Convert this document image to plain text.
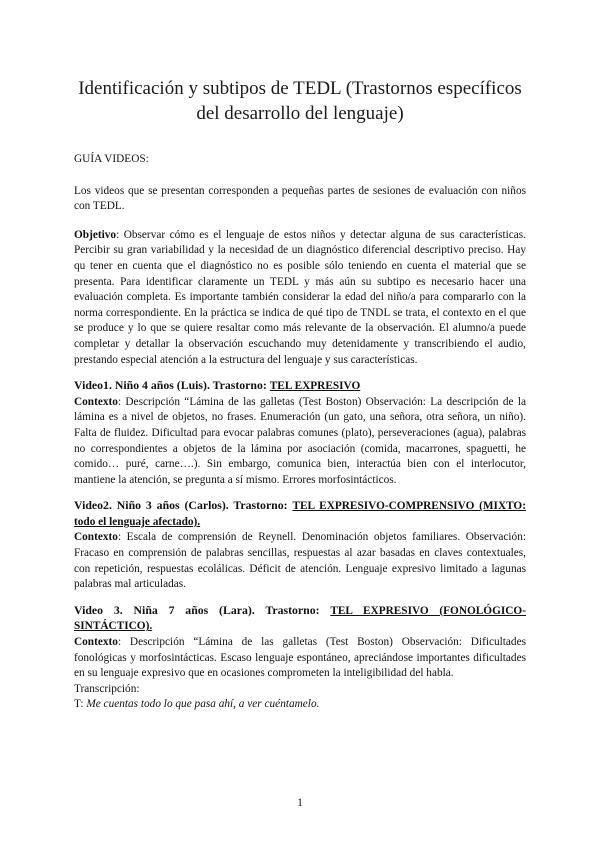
Identificación y subtipos de TEDL (Trastornos específicos del desarrollo del lenguaje)

GUÍA VIDEOS:

Los videos que se presentan corresponden a pequeñas partes de sesiones de evaluación con niños con TEDL.

Objetivo: Observar cómo es el lenguaje de estos niños y detectar alguna de sus características. Percibir su gran variabilidad y la necesidad de un diagnóstico diferencial descriptivo preciso. Hay qu tener en cuenta que el diagnóstico no es posible sólo teniendo en cuenta el material que se presenta. Para identificar claramente un TEDL y más aún su subtipo es necesario hacer una evaluación completa. Es importante también considerar la edad del niño/a para compararlo con la norma correspondiente. En la práctica se indica de qué tipo de TNDL se trata, el contexto en el que se produce y lo que se quiere resaltar como más relevante de la observación. El alumno/a puede completar y detallar la observación escuchando muy detenidamente y transcribiendo el audio, prestando especial atención a la estructura del lenguaje y sus características.

Video1. Niño 4 años (Luis). Trastorno: TEL EXPRESIVO

Contexto: Descripción “Lámina de las galletas (Test Boston) Observación: La descripción de la lámina es a nivel de objetos, no frases. Enumeración (un gato, una señora, otra señora, un niño). Falta de fluidez. Dificultad para evocar palabras comunes (plato), perseveraciones (agua), palabras no correspondientes a objetos de la lámina por asociación (comida, macarrones, spaguetti, he comido… puré, carne….). Sin embargo, comunica bien, interactúa bien con el interlocutor, mantiene la atención, se pregunta a sí mismo. Errores morfosintácticos.

Video2. Niño 3 años (Carlos). Trastorno: TEL EXPRESIVO-COMPRENSIVO (MIXTO: todo el lenguaje afectado).

Contexto: Escala de comprensión de Reynell. Denominación objetos familiares. Observación: Fracaso en comprensión de palabras sencillas, respuestas al azar basadas en claves contextuales, con repetición, respuestas ecolálicas. Déficit de atención. Lenguaje expresivo limitado a lagunas palabras mal articuladas.

Video 3. Niña 7 años (Lara). Trastorno: TEL EXPRESIVO (FONOLÓGICO-SINTÁCTICO).

Contexto: Descripción “Lámina de las galletas (Test Boston) Observación: Dificultades fonológicas y morfosintácticas. Escaso lenguaje espontáneo, apreciándose importantes dificultades en su lenguaje expresivo que en ocasiones comprometen la inteligibilidad del habla.

Transcripción:

T: Me cuentas todo lo que pasa ahí, a ver cuéntamelo.

1
